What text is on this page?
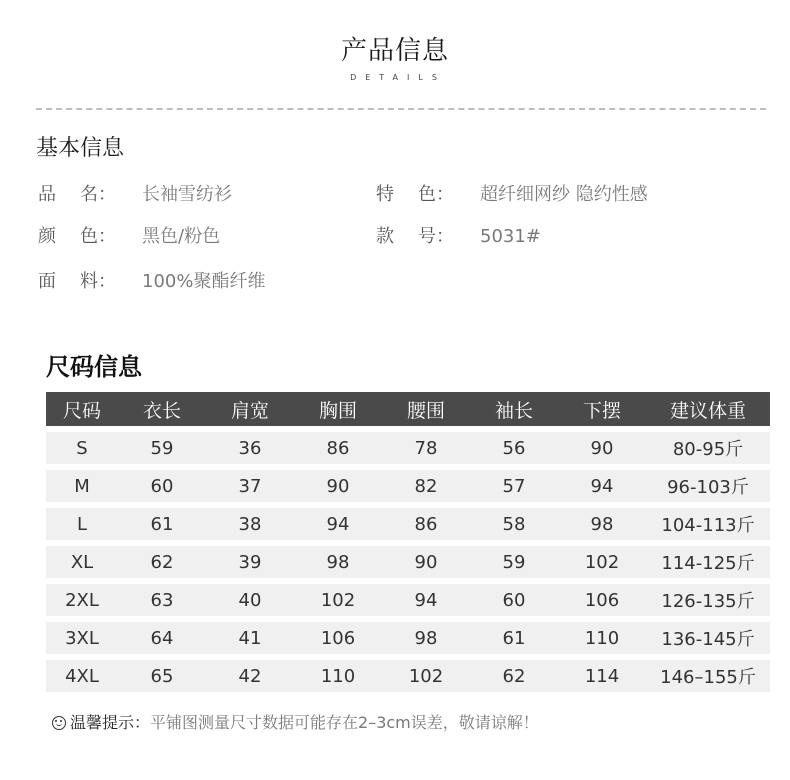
产品信息
DETAILS
基本信息
品 名： 长袖雪纺衫	特 色： 超纤细网纱 隐约性感
颜 色： 黑色/粉色	款 号： 5031#
面 料： 100%聚酯纤维
尺码信息
尺码	衣长	肩宽	胸围	腰围	袖长	下摆	建议体重
S	59	36	86	78	56	90	80-95斤
M	60	37	90	82	57	94	96-103斤
L	61	38	94	86	58	98	104-113斤
XL	62	39	98	90	59	102	114-125斤
2XL	63	40	102	94	60	106	126-135斤
3XL	64	41	106	98	61	110	136-145斤
4XL	65	42	110	102	62	114	146–155斤
温馨提示：平铺图测量尺寸数据可能存在2–3cm误差，敬请谅解！
